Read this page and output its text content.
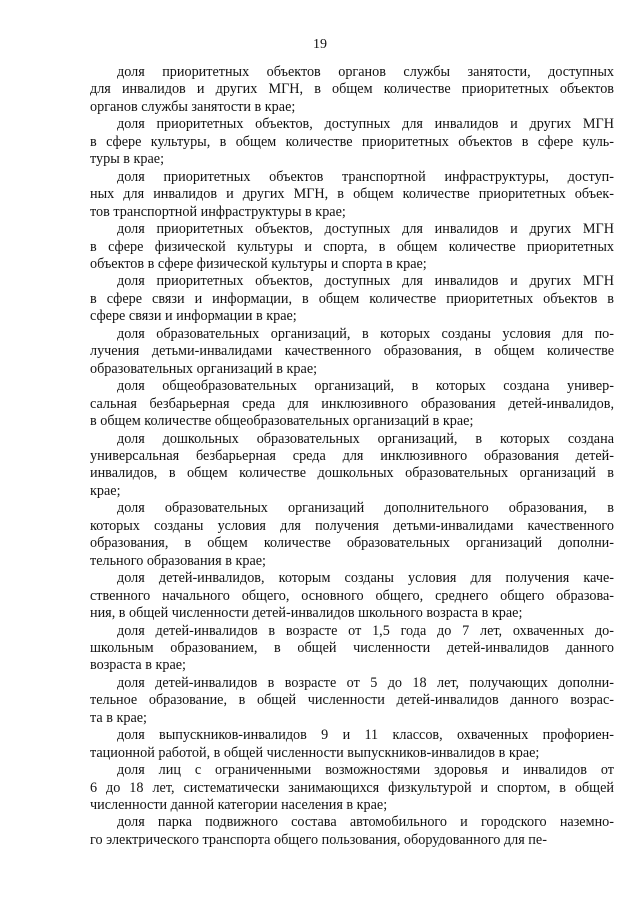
19
доля приоритетных объектов органов службы занятости, доступных
для инвалидов и других МГН, в общем количестве приоритетных объектов
органов службы занятости в крае;
доля приоритетных объектов, доступных для инвалидов и других МГН
в сфере культуры, в общем количестве приоритетных объектов в сфере куль-
туры в крае;
доля приоритетных объектов транспортной инфраструктуры, доступ-
ных для инвалидов и других МГН, в общем количестве приоритетных объек-
тов транспортной инфраструктуры в крае;
доля приоритетных объектов, доступных для инвалидов и других МГН
в сфере физической культуры и спорта, в общем количестве приоритетных
объектов в сфере физической культуры и спорта в крае;
доля приоритетных объектов, доступных для инвалидов и других МГН
в сфере связи и информации, в общем количестве приоритетных объектов в
сфере связи и информации в крае;
доля образовательных организаций, в которых созданы условия для по-
лучения детьми-инвалидами качественного образования, в общем количестве
образовательных организаций в крае;
доля общеобразовательных организаций, в которых создана универ-
сальная безбарьерная среда для инклюзивного образования детей-инвалидов,
в общем количестве общеобразовательных организаций в крае;
доля дошкольных образовательных организаций, в которых создана
универсальная безбарьерная среда для инклюзивного образования детей-
инвалидов, в общем количестве дошкольных образовательных организаций в
крае;
доля образовательных организаций дополнительного образования, в
которых созданы условия для получения детьми-инвалидами качественного
образования, в общем количестве образовательных организаций дополни-
тельного образования в крае;
доля детей-инвалидов, которым созданы условия для получения каче-
ственного начального общего, основного общего, среднего общего образова-
ния, в общей численности детей-инвалидов школьного возраста в крае;
доля детей-инвалидов в возрасте от 1,5 года до 7 лет, охваченных до-
школьным образованием, в общей численности детей-инвалидов данного
возраста в крае;
доля детей-инвалидов в возрасте от 5 до 18 лет, получающих дополни-
тельное образование, в общей численности детей-инвалидов данного возрас-
та в крае;
доля выпускников-инвалидов 9 и 11 классов, охваченных профориен-
тационной работой, в общей численности выпускников-инвалидов в крае;
доля лиц с ограниченными возможностями здоровья и инвалидов от
6 до 18 лет, систематически занимающихся физкультурой и спортом, в общей
численности данной категории населения в крае;
доля парка подвижного состава автомобильного и городского наземно-
го электрического транспорта общего пользования, оборудованного для пе-
